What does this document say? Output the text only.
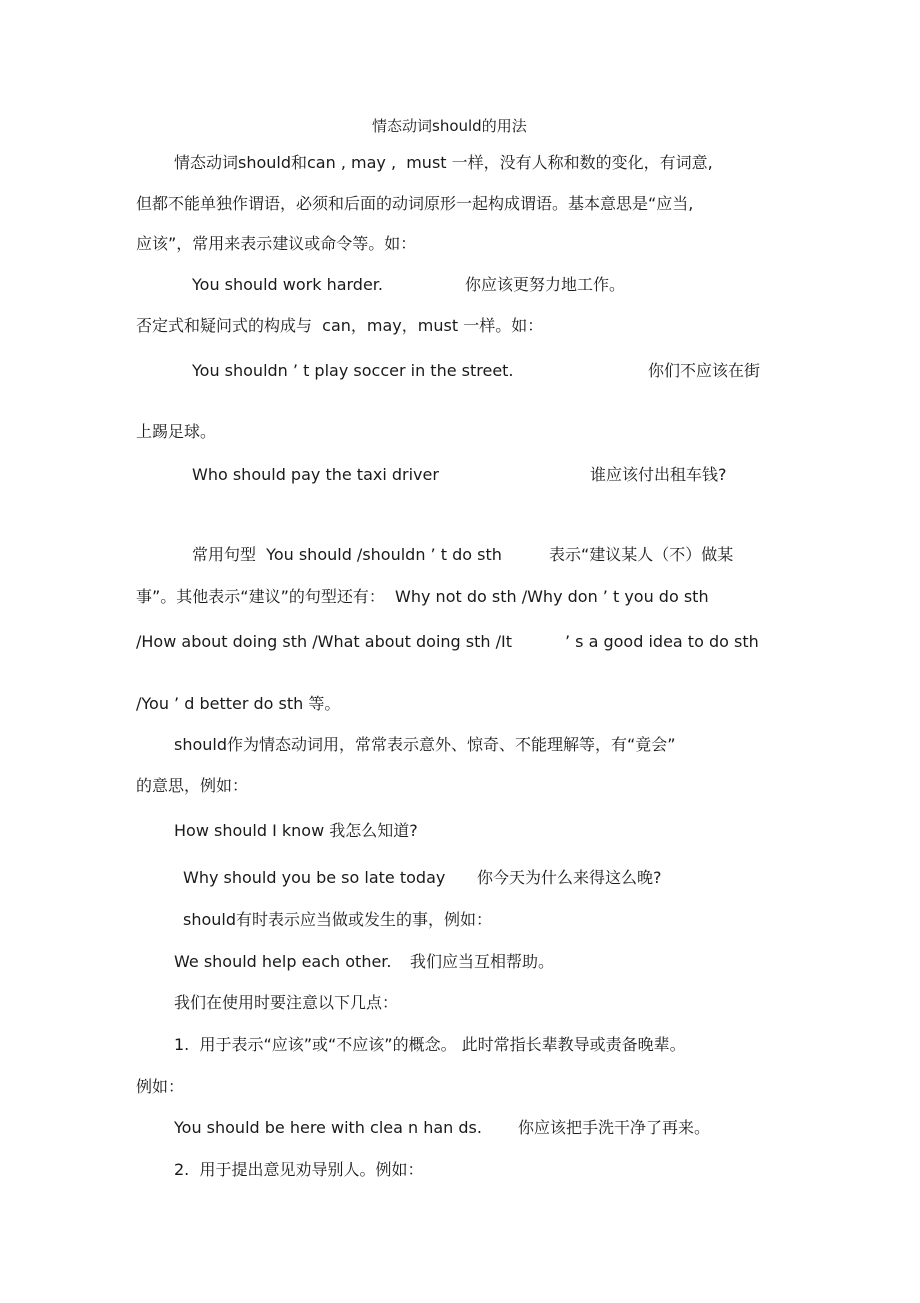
情态动词should的用法

情态动词should和can , may ,  must 一样，没有人称和数的变化，有词意,

但都不能单独作谓语，必须和后面的动词原形一起构成谓语。基本意思是“应当,

应该”，常用来表示建议或命令等。如：

You should work harder.	你应该更努力地工作。

否定式和疑问式的构成与  can，may，must 一样。如：

You shouldn ’ t play soccer in the street.	你们不应该在街

上踢足球。

Who should pay the taxi driver	谁应该付出租车钱?

常用句型  You should /shouldn ’ t do sth	表示“建议某人（不）做某

事”。其他表示“建议”的句型还有：  Why not do sth /Why don ’ t you do sth

/How about doing sth /What about doing sth /It	’ s a good idea to do sth

/You ’ d better do sth 等。

should作为情态动词用，常常表示意外、惊奇、不能理解等，有“竟会”

的意思，例如：

How should I know 我怎么知道?

Why should you be so late today 你今天为什么来得这么晚?

should有时表示应当做或发生的事，例如：

We should help each other. 我们应当互相帮助。

我们在使用时要注意以下几点：

1.  用于表示“应该”或“不应该”的概念。 此时常指长辈教导或责备晚辈。

例如：

You should be here with clea n han ds. 你应该把手洗干净了再来。

2.  用于提出意见劝导别人。例如：
